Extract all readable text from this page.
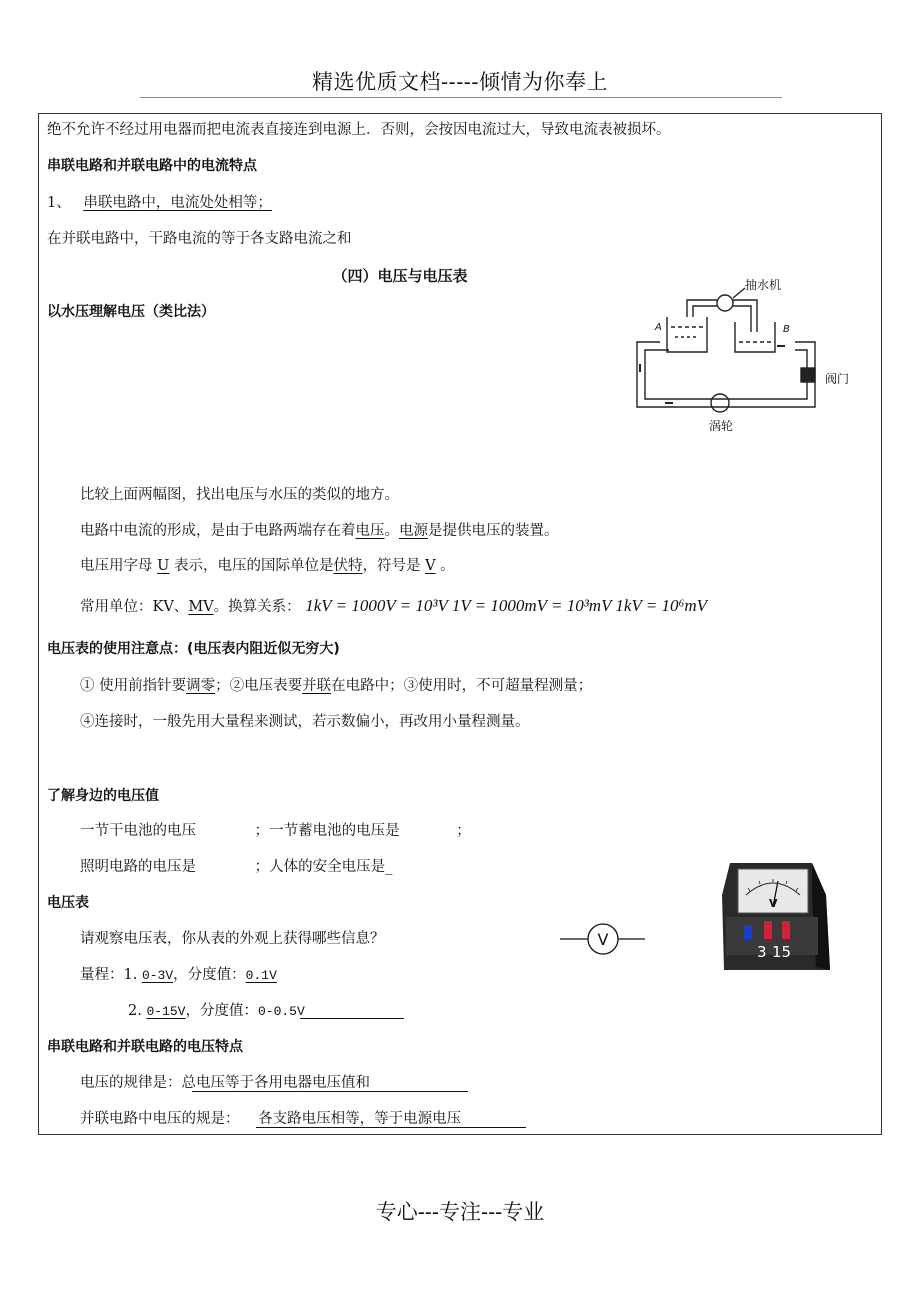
精选优质文档-----倾情为你奉上
绝不允许不经过用电器而把电流表直接连到电源上．否则，会按因电流过大，导致电流表被损坏。
串联电路和并联电路中的电流特点
1、 串联电路中，电流处处相等；
在并联电路中，干路电流的等于各支路电流之和
（四）电压与电压表
以水压理解电压（类比法）
抽水机
阀门
涡轮
A	B
比较上面两幅图，找出电压与水压的类似的地方。
电路中电流的形成，是由于电路两端存在着电压。电源是提供电压的装置。
电压用字母 U 表示，电压的国际单位是伏特，符号是 V 。
常用单位：KV、MV。换算关系： 1kV = 1000V = 10³V 1V = 1000mV = 10³mV 1kV = 10⁶mV
电压表的使用注意点：(电压表内阻近似无穷大)
① 使用前指针要调零；②电压表要并联在电路中；③使用时，不可超量程测量；
④连接时，一般先用大量程来测试，若示数偏小，再改用小量程测量。
了解身边的电压值
一节干电池的电压	；一节蓄电池的电压是	；
照明电路的电压是	；人体的安全电压是_
电压表
请观察电压表，你从表的外观上获得哪些信息？	V
V
3 15
量程：1. 0-3V，分度值：0.1V
2. 0-15V，分度值：0-0.5V
串联电路和并联电路的电压特点
电压的规律是：总电压等于各用电器电压值和
并联电路中电压的规是： 各支路电压相等，等于电源电压
专心---专注---专业
